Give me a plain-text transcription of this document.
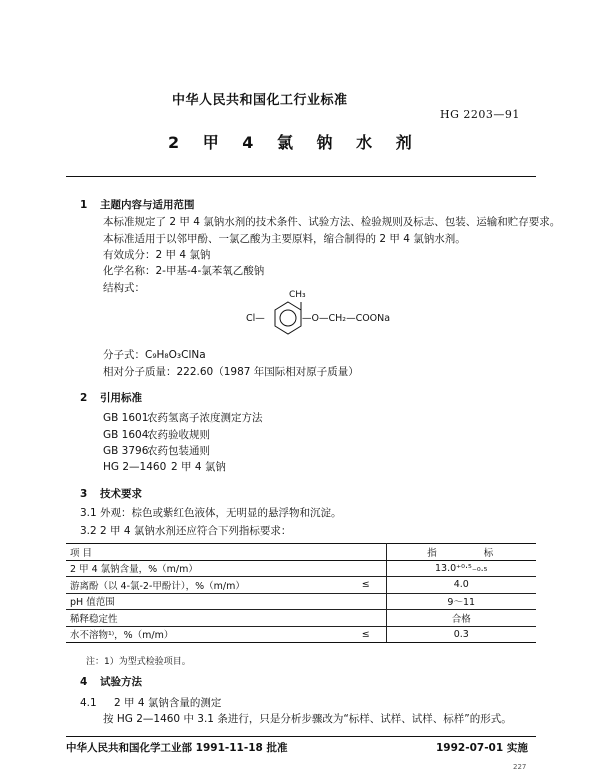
中华人民共和国化工行业标准
HG 2203—91
2 甲 4 氯 钠 水 剂
1 主题内容与适用范围
本标准规定了 2 甲 4 氯钠水剂的技术条件、试验方法、检验规则及标志、包装、运输和贮存要求。
本标准适用于以邻甲酚、一氯乙酸为主要原料，缩合制得的 2 甲 4 氯钠水剂。
有效成分：2 甲 4 氯钠
化学名称：2-甲基-4-氯苯氧乙酸钠
结构式：
CH₃
Cl—	—O—CH₂—COONa
分子式：C₉H₈O₃ClNa
相对分子质量：222.60（1987 年国际相对原子质量）
2 引用标准
GB 1601农药氢离子浓度测定方法
GB 1604农药验收规则
GB 3796农药包装通则
HG 2—1460 2 甲 4 氯钠
3 技术要求
3.1 外观：棕色或紫红色液体，无明显的悬浮物和沉淀。
3.2 2 甲 4 氯钠水剂还应符合下列指标要求：
项 目		指 标
2 甲 4 氯钠含量，%（m/m）		13.0⁺⁰·⁵₋₀.₅
游离酚（以 4-氯-2-甲酚计），%（m/m）	≤	4.0
pH 值范围		9～11
稀释稳定性		合格
水不溶物¹⁾，%（m/m）	≤	0.3
注：1）为型式检验项目。
4 试验方法
4.1 2 甲 4 氯钠含量的测定
按 HG 2—1460 中 3.1 条进行，只是分析步骤改为“标样、试样、试样、标样”的形式。
中华人民共和国化学工业部 1991-11-18 批准	1992-07-01 实施
227
